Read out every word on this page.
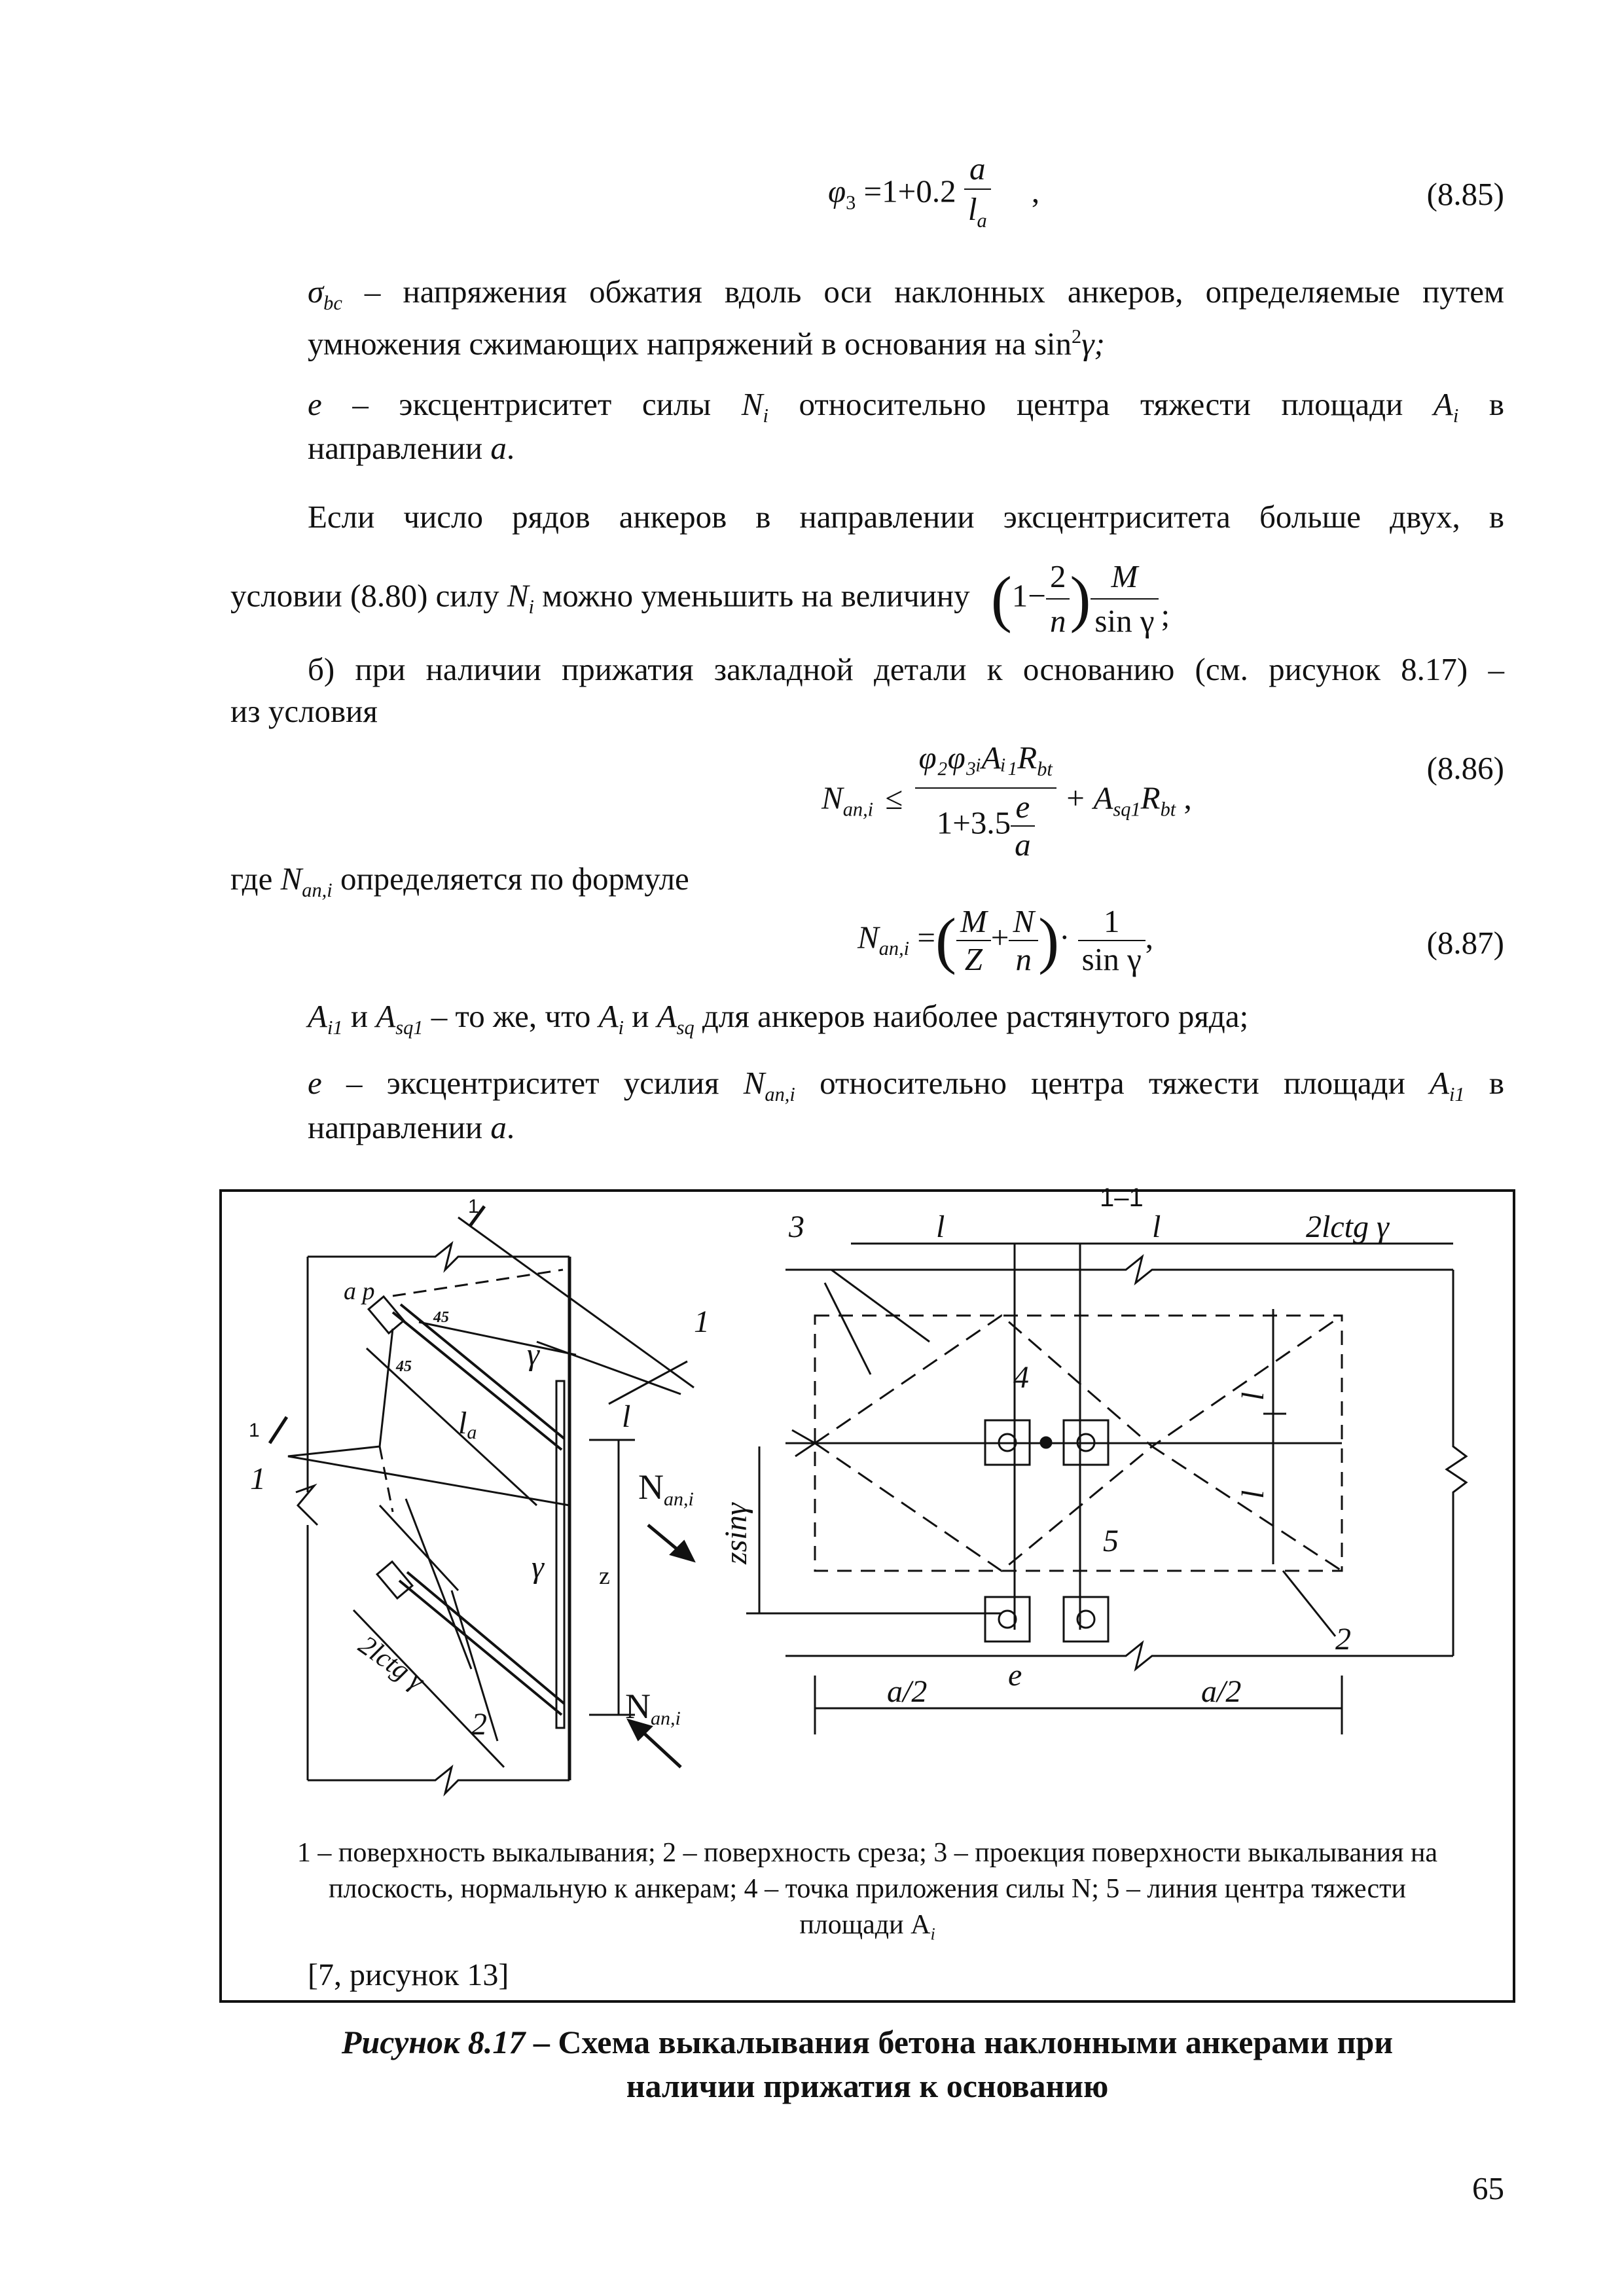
$\varphi_3 =1+0.2 \frac{a}{l_a}$ ,	(8.85)
$\sigma_{bc}$ – напряжения обжатия вдоль оси наклонных анкеров, определяемые путем
умножения сжимающих напряжений в основания на $\sin^2\gamma$;
e – эксцентриситет силы $N_i$ относительно центра тяжести площади $A_i$ в
направлении a.
Если число рядов анкеров в направлении эксцентриситета больше двух, в
условии (8.80) силу $N_i$ можно уменьшить на величину ($1- \frac{2}{n}$ ) $\frac{M}{\text{sin γ}}$ ;
б) при наличии прижатия закладной детали к основанию (см. рисунок 8.17) –
из условия
$N_{an,i} \le \frac{\varphi_2\varphi_3ᵢAᵢ_1R_{bt}}{1+3.5 \frac{e}{a}} + A_{sq1}R_{bt}$ ,
(8.86)
где $N_{an,i}$ определяется по формуле
$N_{an,i}$ =( $\frac{M}{Z} + \frac{N}{n}$ )· $\frac{1}{\text{sin γ}}$ ,	(8.87)
$A_{i1}$ и $A_{sq1}$ – то же, что $A_i$ и $A_{sq}$ для анкеров наиболее растянутого ряда;
e – эксцентриситет усилия $N_{an,i}$ относительно центра тяжести площади $A_{i1}$ в
направлении a.
1–1
1
1
1
1
l
la
γ
γ
a p
45
45
z
Nan,i
Nan,i
2lctg γ
2
3	l	l	2lctg γ
4
5
2
zsinγ
l
l
e
a/2	a/2
1 – поверхность выкалывания; 2 – поверхность среза; 3 – проекция поверхности выкалывания на
плоскость, нормальную к анкерам; 4 – точка приложения силы N; 5 – линия центра тяжести
площади $A_i$
[7, рисунок 13]
Рисунок 8.17 – Схема выкалывания бетона наклонными анкерами при
наличии прижатия к основанию
65
